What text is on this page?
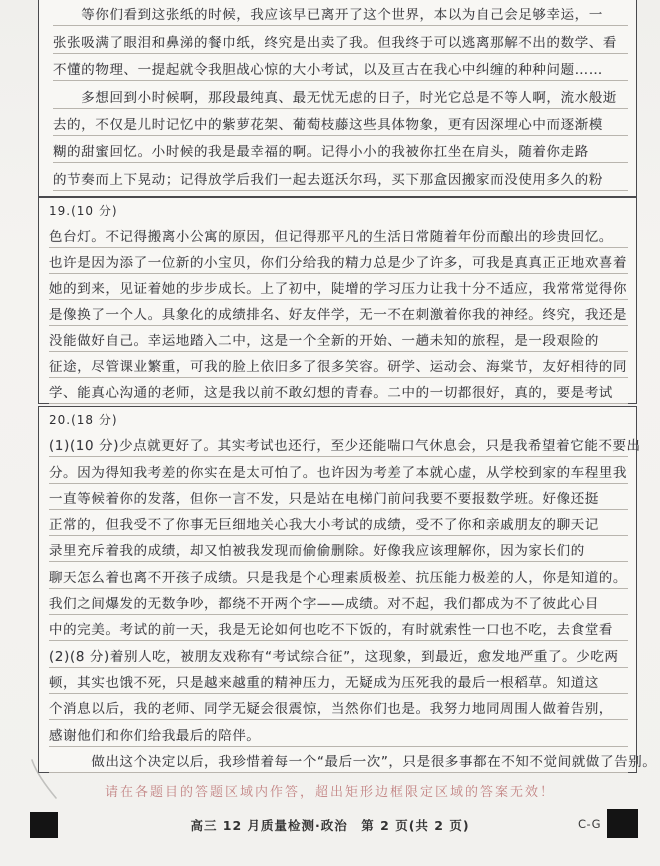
　　等你们看到这张纸的时候，我应该早已离开了这个世界，本以为自己会足够幸运，一
张张吸满了眼泪和鼻涕的餐巾纸，终究是出卖了我。但我终于可以逃离那解不出的数学、看
不懂的物理、一提起就令我胆战心惊的大小考试，以及亘古在我心中纠缠的种种问题……
　　多想回到小时候啊，那段最纯真、最无忧无虑的日子，时光它总是不等人啊，流水般逝
去的，不仅是儿时记忆中的紫萝花架、葡萄枝藤这些具体物象，更有因深埋心中而逐渐模
糊的甜蜜回忆。小时候的我是最幸福的啊。记得小小的我被你扛坐在肩头，随着你走路
的节奏而上下晃动；记得放学后我们一起去逛沃尔玛，买下那盒因搬家而没使用多久的粉
19.(10 分)
色台灯。不记得搬离小公寓的原因，但记得那平凡的生活日常随着年份而酿出的珍贵回忆。
也许是因为添了一位新的小宝贝，你们分给我的精力总是少了许多，可我是真真正正地欢喜着
她的到来，见证着她的步步成长。上了初中，陡增的学习压力让我十分不适应，我常常觉得你
是像换了一个人。具象化的成绩排名、好友伴学，无一不在刺激着你我的神经。终究，我还是
没能做好自己。幸运地踏入二中，这是一个全新的开始、一趟未知的旅程，是一段艰险的
征途，尽管课业繁重，可我的脸上依旧多了很多笑容。研学、运动会、海棠节，友好相待的同
学、能真心沟通的老师，这是我以前不敢幻想的青春。二中的一切都很好，真的，要是考试
20.(18 分)
(1)(10 分)少点就更好了。其实考试也还行，至少还能喘口气休息会，只是我希望着它能不要出
分。因为得知我考差的你实在是太可怕了。也许因为考差了本就心虚，从学校到家的车程里我
一直等候着你的发落，但你一言不发，只是站在电梯门前问我要不要报数学班。好像还挺
正常的，但我受不了你事无巨细地关心我大小考试的成绩，受不了你和亲戚朋友的聊天记
录里充斥着我的成绩，却又怕被我发现而偷偷删除。好像我应该理解你，因为家长们的
聊天怎么着也离不开孩子成绩。只是我是个心理素质极差、抗压能力极差的人，你是知道的。
我们之间爆发的无数争吵，都绕不开两个字——成绩。对不起，我们都成为不了彼此心目
中的完美。考试的前一天，我是无论如何也吃不下饭的，有时就索性一口也不吃，去食堂看
(2)(8 分)着别人吃，被朋友戏称有“考试综合征”，这现象，到最近，愈发地严重了。少吃两
顿，其实也饿不死，只是越来越重的精神压力，无疑成为压死我的最后一根稻草。知道这
个消息以后，我的老师、同学无疑会很震惊，当然你们也是。我努力地同周围人做着告别，
感谢他们和你们给我最后的陪伴。
　　　做出这个决定以后，我珍惜着每一个“最后一次”，只是很多事都在不知不觉间就做了告别。
请在各题目的答题区域内作答，超出矩形边框限定区域的答案无效！
高三 12 月质量检测·政治　第 2 页(共 2 页)	C-G
